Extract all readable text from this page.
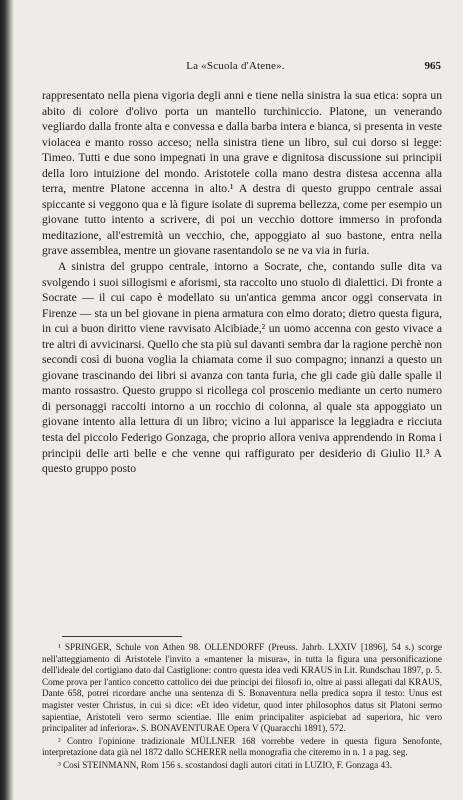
La «Scuola d'Atene».	965

rappresentato nella piena vigoria degli anni e tiene nella sinistra la sua etica: sopra un abito di colore d'olivo porta un mantello turchiniccio. Platone, un venerando vegliardo dalla fronte alta e convessa e dalla barba intera e bianca, si presenta in veste violacea e manto rosso acceso; nella sinistra tiene un libro, sul cui dorso si legge: Timeo. Tutti e due sono impegnati in una grave e dignitosa discussione sui principii della loro intuizione del mondo. Aristotele colla mano destra distesa accenna alla terra, mentre Platone accenna in alto.¹ A destra di questo gruppo centrale assai spiccante si veggono qua e là figure isolate di suprema bellezza, come per esempio un giovane tutto intento a scrivere, di poi un vecchio dottore immerso in profonda meditazione, all'estremità un vecchio, che, appoggiato al suo bastone, entra nella grave assemblea, mentre un giovane rasentandolo se ne va via in furia.

A sinistra del gruppo centrale, intorno a Socrate, che, contando sulle dita va svolgendo i suoi sillogismi e aforismi, sta raccolto uno stuolo di dialettici. Di fronte a Socrate — il cui capo è modellato su un'antica gemma ancor oggi conservata in Firenze — sta un bel giovane in piena armatura con elmo dorato; dietro questa figura, in cui a buon diritto viene ravvisato Alcibiade,² un uomo accenna con gesto vivace a tre altri di avvicinarsi. Quello che sta più sul davanti sembra dar la ragione perchè non secondi così di buona voglia la chiamata come il suo compagno; innanzi a questo un giovane trascinando dei libri si avanza con tanta furia, che gli cade giù dalle spalle il manto rossastro. Questo gruppo si ricollega col proscenio mediante un certo numero di personaggi raccolti intorno a un rocchio di colonna, al quale sta appoggiato un giovane intento alla lettura di un libro; vicino a lui apparisce la leggiadra e ricciuta testa del piccolo Federigo Gonzaga, che proprio allora veniva apprendendo in Roma i principii delle arti belle e che venne qui raffigurato per desiderio di Giulio II.³ A questo gruppo posto

¹ SPRINGER, Schule von Athen 98. OLLENDORFF (Preuss. Jahrb. LXXIV [1896], 54 s.) scorge nell'atteggiamento di Aristotele l'invito a «mantener la misura», in tutta la figura una personificazione dell'ideale del cortigiano dato dal Castiglione: contro questa idea vedi KRAUS in Lit. Rundschau 1897, p. 5. Come prova per l'antico concetto cattolico dei due principi dei filosofi io, oltre ai passi allegati dal KRAUS, Dante 658, potrei ricordare anche una sentenza di S. Bonaventura nella predica sopra il testo: Unus est magister vester Christus, in cui si dice: «Et ideo videtur, quod inter philosophos datus sit Platoni sermo sapientiae, Aristoteli vero sermo scientiae. Ille enim principaliter aspiciebat ad superiora, hic vero principaliter ad inferiora». S. BONAVENTURAE Opera V (Quaracchi 1891), 572.

² Contro l'opinione tradizionale MÜLLNER 168 vorrebbe vedere in questa figura Senofonte, interpretazione data già nel 1872 dallo SCHERER nella monografia che citeremo in n. 1 a pag. seg.

³ Così STEINMANN, Rom 156 s. scostandosi dagli autori citati in LUZIO, F. Gonzaga 43.
